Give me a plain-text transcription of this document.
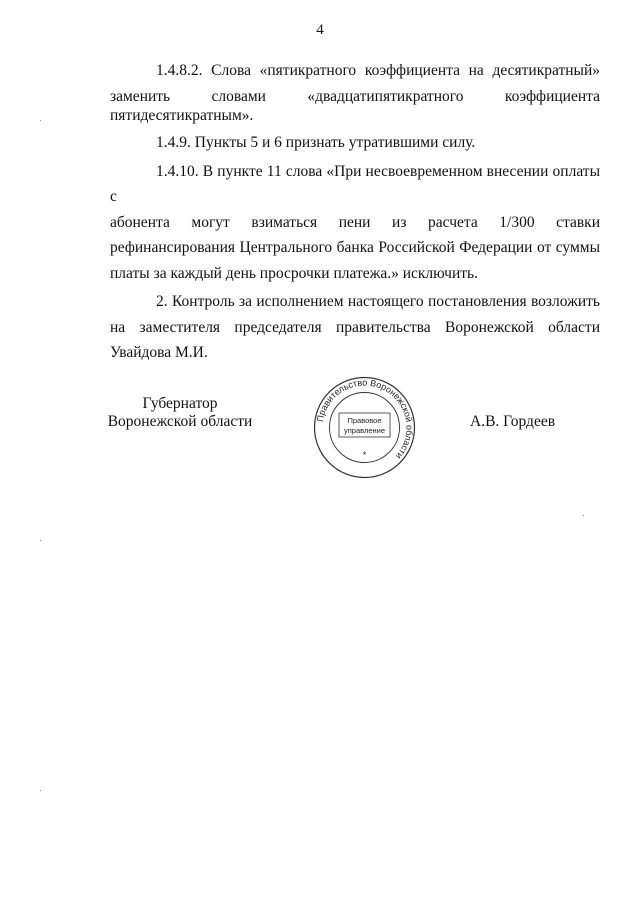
4

1.4.8.2. Слова «пятикратного коэффициента на десятикратный»

заменить словами «двадцатипятикратного коэффициента

пятидесятикратным».

1.4.9. Пункты 5 и 6 признать утратившими силу.

1.4.10. В пункте 11 слова «При несвоевременном внесении оплаты с

абонента могут взиматься пени из расчета 1/300 ставки рефинансирования Центрального банка Российской Федерации от суммы платы за каждый день просрочки платежа.» исключить.

2. Контроль за исполнением настоящего постановления возложить

на заместителя председателя правительства Воронежской области

Увайдова М.И.

Губернатор
Воронежской области	Правительство Воронежской области
Правовое
управление
*
А.В. Гордеев
